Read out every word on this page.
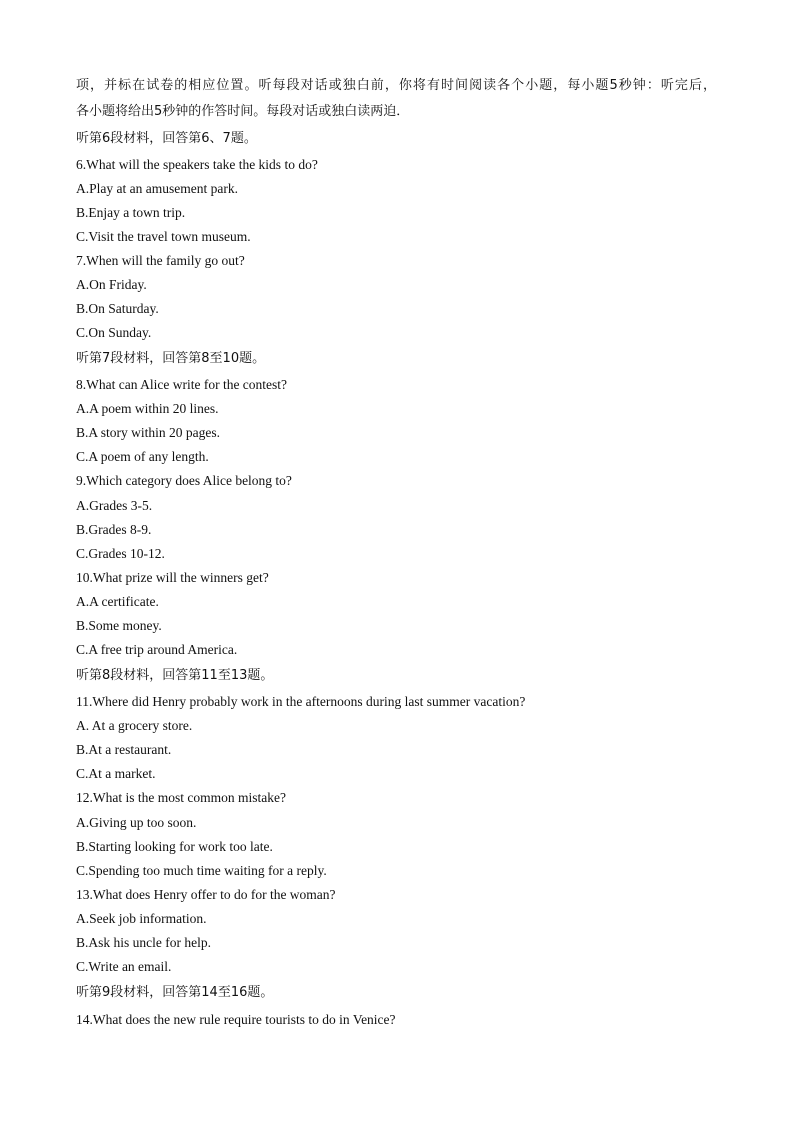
项，并标在试卷的相应位置。听每段对话或独白前，你将有时间阅读各个小题，每小题5秒钟：听完后，
各小题将给出5秒钟的作答时间。每段对话或独白读两迫．
听第6段材料，回答第6、7题。
6.What will the speakers take the kids to do?
A.Play at an amusement park.
B.Enjay a town trip.
C.Visit the travel town museum.
7.When will the family go out?
A.On Friday.
B.On Saturday.
C.On Sunday.
听第7段材料，回答第8至10题。
8.What can Alice write for the contest?
A.A poem within 20 lines.
B.A story within 20 pages.
C.A poem of any length.
9.Which category does Alice belong to?
A.Grades 3-5.
B.Grades 8-9.
C.Grades 10-12.
10.What prize will the winners get?
A.A certificate.
B.Some money.
C.A free trip around America.
听第8段材料，回答第11至13题。
11.Where did Henry probably work in the afternoons during last summer vacation?
A. At a grocery store.
B.At a restaurant.
C.At a market.
12.What is the most common mistake?
A.Giving up too soon.
B.Starting looking for work too late.
C.Spending too much time waiting for a reply.
13.What does Henry offer to do for the woman?
A.Seek job information.
B.Ask his uncle for help.
C.Write an email.
听第9段材料，回答第14至16题。
14.What does the new rule require tourists to do in Venice?
